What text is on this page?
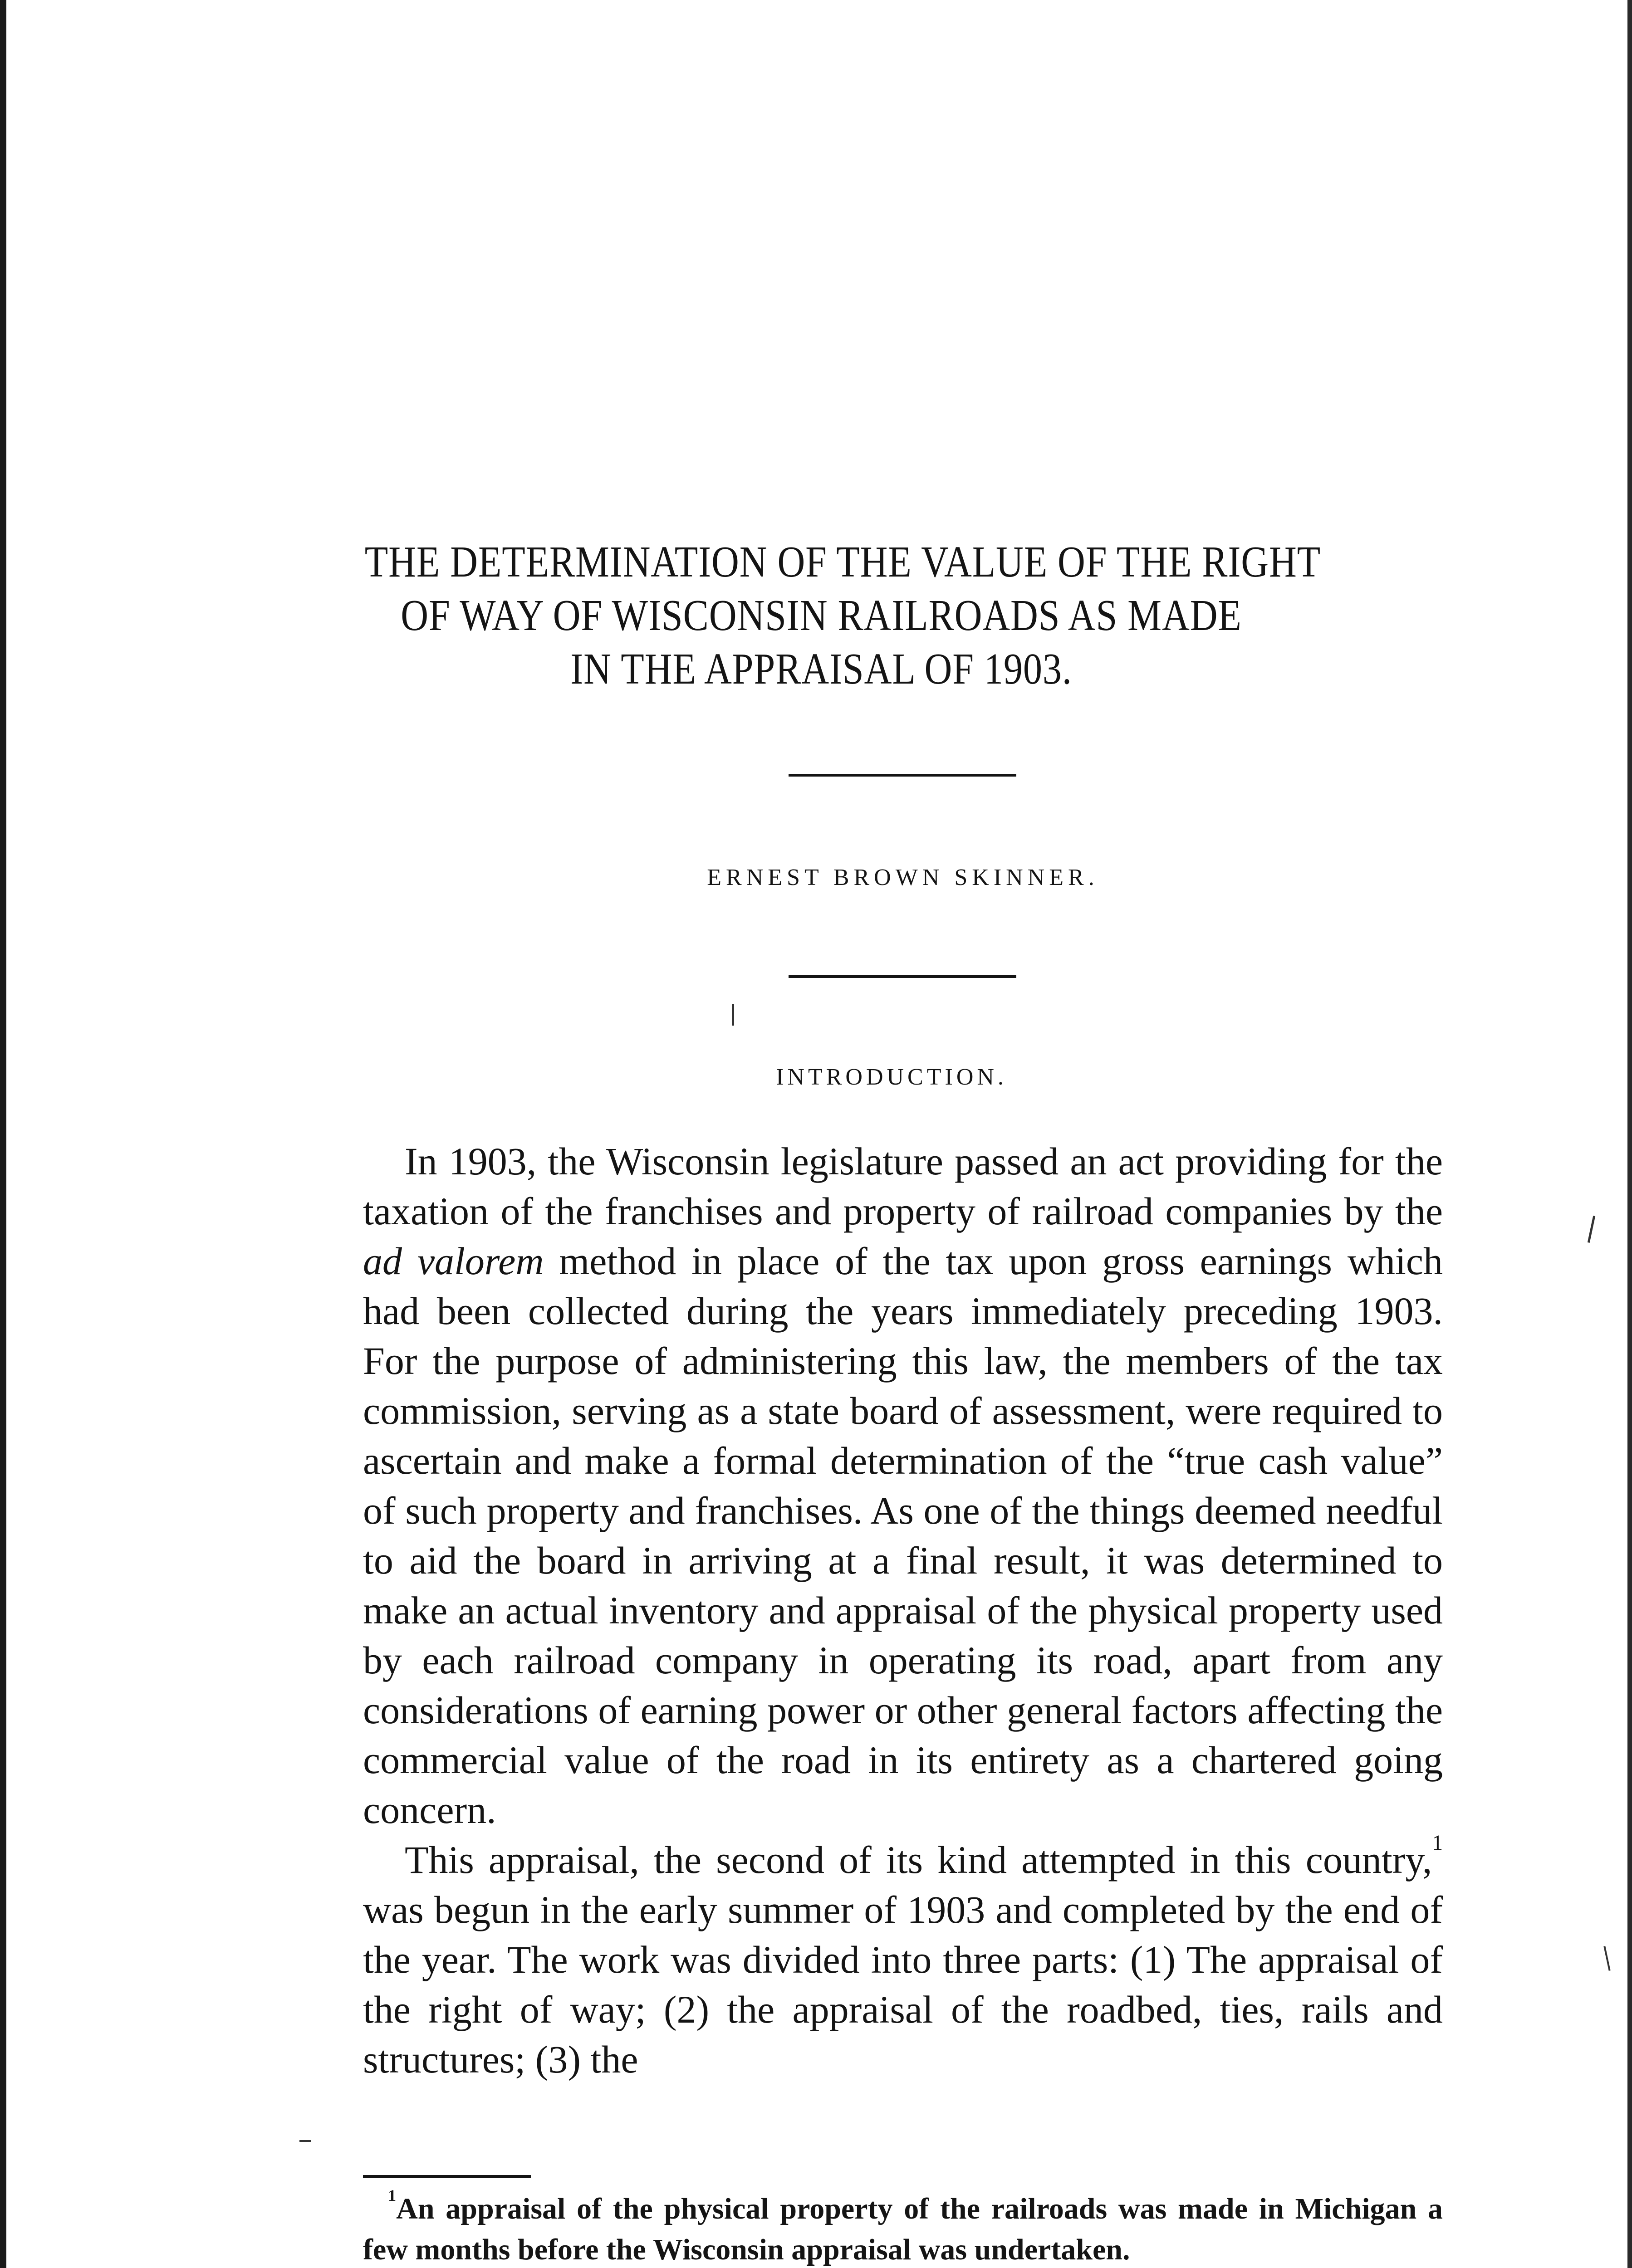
THE DETERMINATION OF THE VALUE OF THE RIGHT
OF WAY OF WISCONSIN RAILROADS AS MADE
IN THE APPRAISAL OF 1903.
ERNEST BROWN SKINNER.
INTRODUCTION.

In 1903, the Wisconsin legislature passed an act providing for the taxation of the franchises and property of railroad companies by the ad valorem method in place of the tax upon gross earnings which had been collected during the years immediately preceding 1903. For the purpose of administering this law, the members of the tax commission, serving as a state board of assessment, were required to ascertain and make a formal determination of the “true cash value” of such property and franchises. As one of the things deemed needful to aid the board in arriving at a final result, it was determined to make an actual inventory and appraisal of the physical property used by each railroad company in operating its road, apart from any considerations of earning power or other general factors affecting the commercial value of the road in its entirety as a chartered going concern.

This appraisal, the second of its kind attempted in this country,$^1$ was begun in the early summer of 1903 and completed by the end of the year. The work was divided into three parts: (1) The appraisal of the right of way; (2) the appraisal of the roadbed, ties, rails and structures; (3) the

$^1$An appraisal of the physical property of the railroads was made in Michigan a few months before the Wisconsin appraisal was undertaken.
